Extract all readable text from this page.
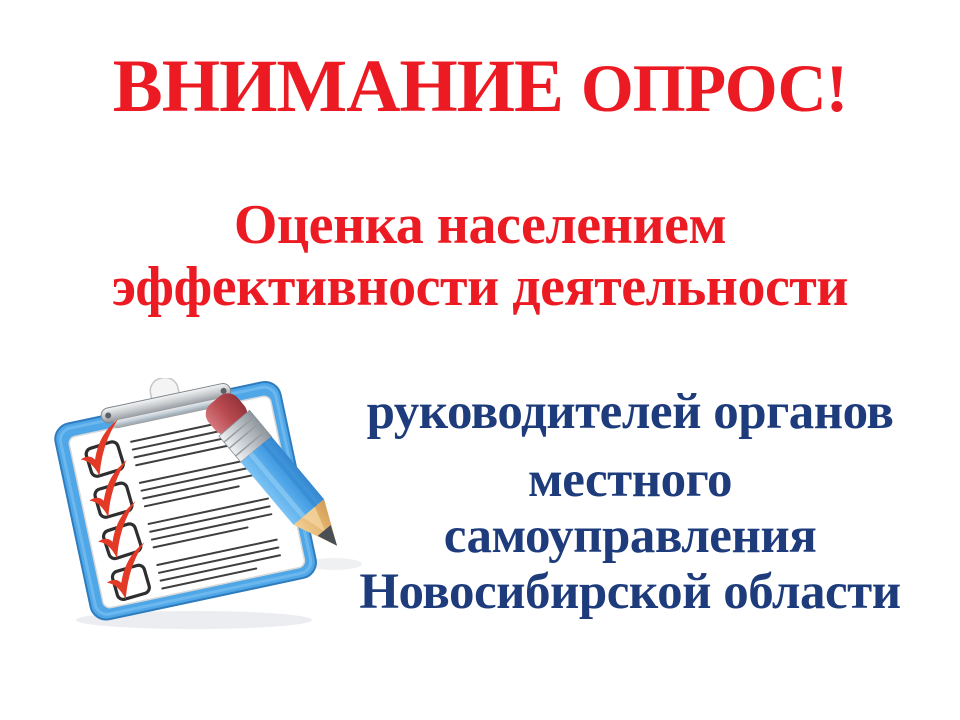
ВНИМАНИЕ ОПРОС!
Оценка населением
эффективности деятельности
руководителей органов
местного
самоуправления
Новосибирской области
